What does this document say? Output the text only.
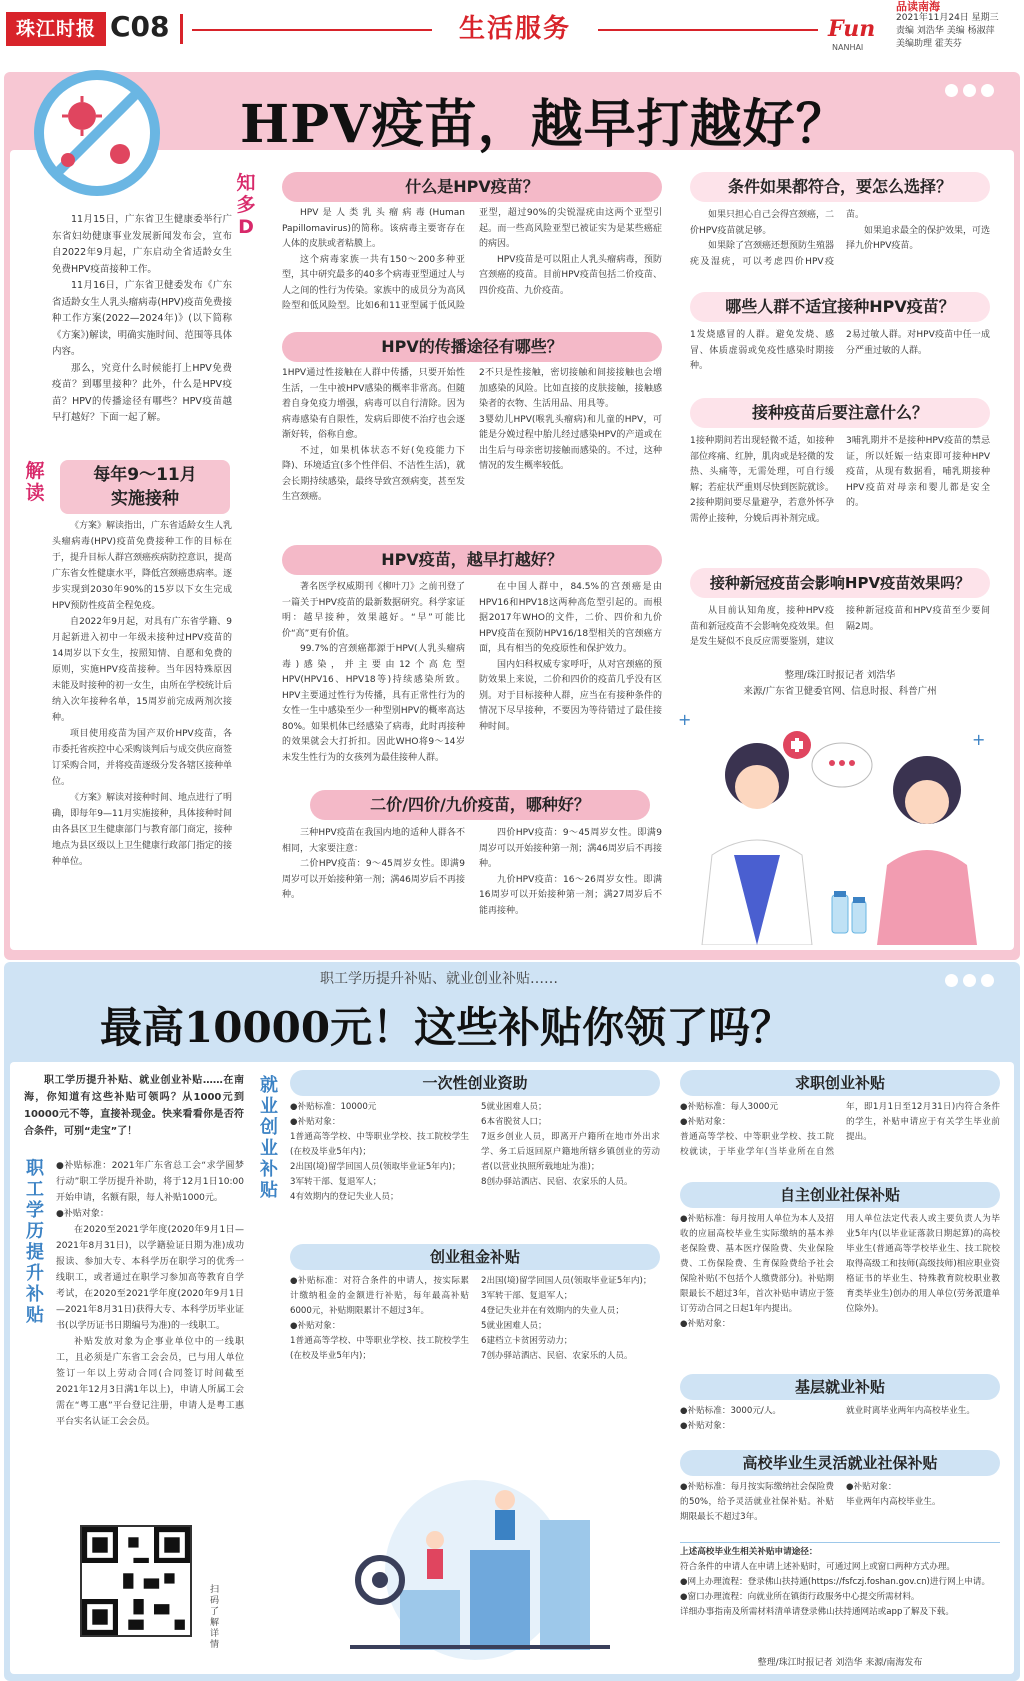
珠江时报 C08	生活服务	Fun
NANHAI
品读南海
2021年11月24日 星期三
责编 刘浩华 美编 杨淑萍
美编助理 霍芙芬
HPV疫苗，越早打越好？

11月15日，广东省卫生健康委举行广东省妇幼健康事业发展新闻发布会，宣布自2022年9月起，广东启动全省适龄女生免费HPV疫苗接种工作。

11月16日，广东省卫健委发布《广东省适龄女生人乳头瘤病毒(HPV)疫苗免费接种工作方案(2022—2024年)》(以下简称《方案》)解读，明确实施时间、范围等具体内容。

那么，究竟什么时候能打上HPV免费疫苗？到哪里接种？此外，什么是HPV疫苗？HPV的传播途径有哪些？HPV疫苗越早打越好？下面一起了解。

知多D
解读
每年9～11月
实施接种

《方案》解读指出，广东省适龄女生人乳头瘤病毒(HPV)疫苗免费接种工作的目标在于，提升目标人群宫颈癌疾病防控意识，提高广东省女性健康水平，降低宫颈癌患病率。逐步实现到2030年90%的15岁以下女生完成HPV预防性疫苗全程免疫。

自2022年9月起，对具有广东省学籍、9月起新进入初中一年级未接种过HPV疫苗的14周岁以下女生，按照知情、自愿和免费的原则，实施HPV疫苗接种。当年因特殊原因未能及时接种的初一女生，由所在学校统计后纳入次年接种名单，15周岁前完成两剂次接种。

项目使用疫苗为国产双价HPV疫苗，各市委托省疾控中心采购谈判后与成交供应商签订采购合同，并将疫苗逐级分发各辖区接种单位。

《方案》解读对接种时间、地点进行了明确，即每年9—11月实施接种，具体接种时间由各县区卫生健康部门与教育部门商定，接种地点为县区级以上卫生健康行政部门指定的接种单位。

什么是HPV疫苗？

HPV是人类乳头瘤病毒(Human Papillomavirus)的简称。该病毒主要寄存在人体的皮肤或者粘膜上。

这个病毒家族一共有150～200多种亚型，其中研究最多的40多个病毒亚型通过人与人之间的性行为传染。家族中的成员分为高风险型和低风险型。比如6和11亚型属于低风险亚型，超过90%的尖锐湿疣由这两个亚型引起。而一些高风险亚型已被证实为是某些癌症的病因。

HPV疫苗是可以阻止人乳头瘤病毒，预防宫颈癌的疫苗。目前HPV疫苗包括二价疫苗、四价疫苗、九价疫苗。

HPV的传播途径有哪些？

1HPV通过性接触在人群中传播，只要开始性生活，一生中被HPV感染的概率非常高。但随着自身免疫力增强，病毒可以自行清除。因为病毒感染有自限性，发病后即使不治疗也会逐渐好转，俗称自愈。

不过，如果机体状态不好(免疫能力下降)、环境适宜(多个性伴侣、不洁性生活)，就会长期持续感染，最终导致宫颈病变，甚至发生宫颈癌。

2不只是性接触，密切接触和间接接触也会增加感染的风险。比如直接的皮肤接触，接触感染者的衣物、生活用品、用具等。

3婴幼儿HPV(喉乳头瘤病)和儿童的HPV，可能是分娩过程中胎儿经过感染HPV的产道或在出生后与母亲密切接触而感染的。不过，这种情况的发生概率较低。

HPV疫苗，越早打越好？

著名医学权威期刊《柳叶刀》之前刊登了一篇关于HPV疫苗的最新数据研究。科学家证明：越早接种，效果越好。“早”可能比价“高”更有价值。

99.7%的宫颈癌都源于HPV(人乳头瘤病毒)感染，并主要由12个高危型HPV(HPV16、HPV18等)持续感染所致。HPV主要通过性行为传播，具有正常性行为的女性一生中感染至少一种型别HPV的概率高达80%。如果机体已经感染了病毒，此时再接种的效果就会大打折扣。因此WHO将9～14岁未发生性行为的女孩列为最佳接种人群。

在中国人群中，84.5%的宫颈癌是由HPV16和HPV18这两种高危型引起的。而根据2017年WHO的文件，二价、四价和九价HPV疫苗在预防HPV16/18型相关的宫颈癌方面，具有相当的免疫原性和保护效力。

国内妇科权威专家呼吁，从对宫颈癌的预防效果上来说，二价和四价的疫苗几乎没有区别。对于目标接种人群，应当在有接种条件的情况下尽早接种，不要因为等待错过了最佳接种时间。

二价/四价/九价疫苗，哪种好？

三种HPV疫苗在我国内地的适种人群各不相同，大家要注意：

二价HPV疫苗：9～45周岁女性。即满9周岁可以开始接种第一剂；满46周岁后不再接种。

四价HPV疫苗：9～45周岁女性。即满9周岁可以开始接种第一剂；满46周岁后不再接种。

九价HPV疫苗：16～26周岁女性。即满16周岁可以开始接种第一剂；满27周岁后不能再接种。

条件如果都符合，要怎么选择？

如果只担心自己会得宫颈癌，二价HPV疫苗就足够。

如果除了宫颈癌还想预防生殖器疣及湿疣，可以考虑四价HPV疫苗。

如果追求最全的保护效果，可选择九价HPV疫苗。

哪些人群不适宜接种HPV疫苗？

1发烧感冒的人群。避免发烧、感冒、体质虚弱或免疫性感染时期接种。

2易过敏人群。对HPV疫苗中任一成分严重过敏的人群。

接种疫苗后要注意什么？

1接种期间若出现轻微不适，如接种部位疼痛、红肿，肌肉或是轻微的发热、头痛等，无需处理，可自行缓解；若症状严重则尽快到医院就诊。

2接种期间要尽量避孕，若意外怀孕需停止接种，分娩后再补剂完成。

3哺乳期并不是接种HPV疫苗的禁忌证，所以妊娠一结束即可接种HPV疫苗，从现有数据看，哺乳期接种HPV疫苗对母亲和婴儿都是安全的。

接种新冠疫苗会影响HPV疫苗效果吗？

从目前认知角度，接种HPV疫苗和新冠疫苗不会影响免疫效果。但是发生疑似不良反应需要鉴别，建议接种新冠疫苗和HPV疫苗至少要间隔2周。

整理/珠江时报记者 刘浩华
来源/广东省卫健委官网、信息时报、科普广州
+
+
职工学历提升补贴、就业创业补贴……
最高10000元！这些补贴你领了吗？

职工学历提升补贴、就业创业补贴……在南海，你知道有这些补贴可领吗？从1000元到10000元不等，直接补现金。快来看看你是否符合条件，可别“走宝”了！

职工学历提升补贴

●补贴标准：2021年广东省总工会“求学圆梦行动”职工学历提升补助，将于12月1日10:00开始申请，名额有限，每人补贴1000元。

●补贴对象：

在2020至2021学年度(2020年9月1日—2021年8月31日)，以学籍验证日期为准)成功报读、参加大专、本科学历在职学习的优秀一线职工，或者通过在职学习参加高等教育自学考试，在2020至2021学年度(2020年9月1日—2021年8月31日)获得大专、本科学历毕业证书(以学历证书日期编号为准)的一线职工。

补贴发放对象为企事业单位中的一线职工，且必须是广东省工会会员，已与用人单位签订一年以上劳动合同(合同签订时间截至2021年12月3日满1年以上)，申请人所属工会需在“粤工惠”平台登记注册，申请人是粤工惠平台实名认证工会会员。

扫码了解详情
就业创业补贴
一次性创业资助

●补贴标准：10000元

●补贴对象：

1普通高等学校、中等职业学校、技工院校学生(在校及毕业5年内)；

2出国(境)留学回国人员(领取毕业证5年内)；

3军转干部、复退军人；

4有效期内的登记失业人员；

5就业困难人员；

6本省脱贫人口；

7返乡创业人员，即离开户籍所在地市外出求学、务工后返回原户籍地所辖乡镇创业的劳动者(以营业执照所载地址为准)；

8创办驿站酒店、民宿、农家乐的人员。

创业租金补贴

●补贴标准：对符合条件的申请人，按实际累计缴纳租金的金额进行补贴，每年最高补贴6000元，补贴期限累计不超过3年。

●补贴对象：

1普通高等学校、中等职业学校、技工院校学生(在校及毕业5年内)；

2出国(境)留学回国人员(领取毕业证5年内)；

3军转干部、复退军人；

4登记失业并在有效期内的失业人员；

5就业困难人员；

6建档立卡贫困劳动力；

7创办驿站酒店、民宿、农家乐的人员。

求职创业补贴

●补贴标准：每人3000元

●补贴对象：

普通高等学校、中等职业学校、技工院校就读，于毕业学年(当毕业所在自然年，即1月1日至12月31日)内符合条件的学生，补贴申请应于有关学生毕业前提出。

自主创业社保补贴

●补贴标准：每月按用人单位为本人及招收的应届高校毕业生实际缴纳的基本养老保险费、基本医疗保险费、失业保险费、工伤保险费、生育保险费给予社会保险补贴(不包括个人缴费部分)。补贴期限最长不超过3年，首次补贴申请应于签订劳动合同之日起1年内提出。

●补贴对象：

用人单位法定代表人或主要负责人为毕业5年内(以毕业证落款日期起算)的高校毕业生(普通高等学校毕业生、技工院校取得高级工和技师(高级技师)相应职业资格证书的毕业生、特殊教育院校职业教育类毕业生)创办的用人单位(劳务派遣单位除外)。

基层就业补贴

●补贴标准：3000元/人。

●补贴对象：

就业时离毕业两年内高校毕业生。

高校毕业生灵活就业社保补贴

●补贴标准：每月按实际缴纳社会保险费的50%，给予灵活就业社保补贴。补贴期限最长不超过3年。

●补贴对象：

毕业两年内高校毕业生。

上述高校毕业生相关补贴申请途径：

符合条件的申请人在申请上述补贴时，可通过网上或窗口两种方式办理。

●网上办理流程：登录佛山扶持通(https://fsfczj.foshan.gov.cn)进行网上申请。

●窗口办理流程：向就业所在镇街行政服务中心提交所需材料。

详细办事指南及所需材料清单请登录佛山扶持通网站或app了解及下载。

整理/珠江时报记者 刘浩华 来源/南海发布
